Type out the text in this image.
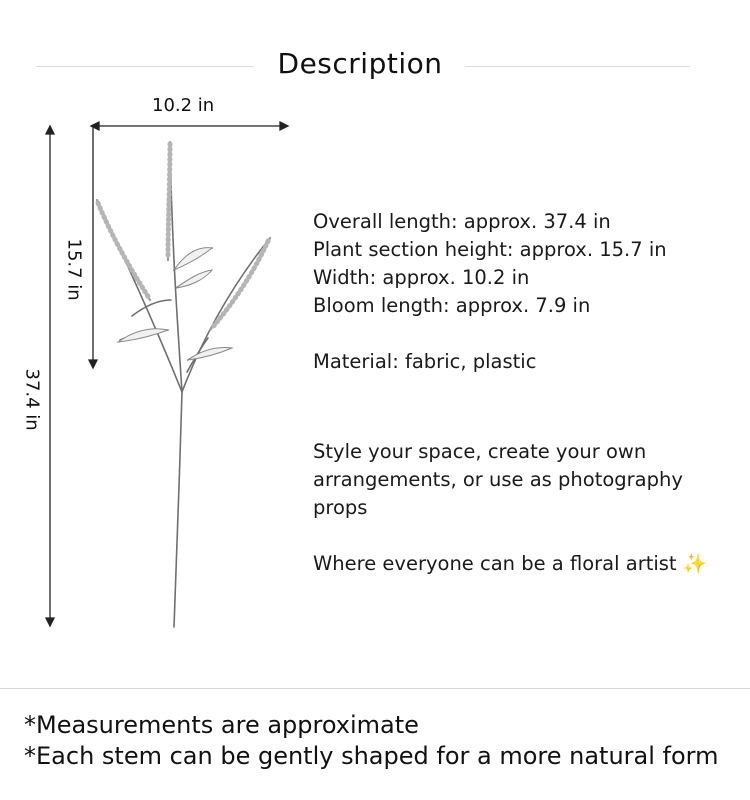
Description
10.2 in
15.7 in
37.4 in

Overall length: approx. 37.4 in

Plant section height: approx. 15.7 in

Width: approx. 10.2 in

Bloom length: approx. 7.9 in

Material: fabric, plastic

Style your space, create your own arrangements, or use as photography props

Where everyone can be a floral artist ✨

*Measurements are approximate

*Each stem can be gently shaped for a more natural form
